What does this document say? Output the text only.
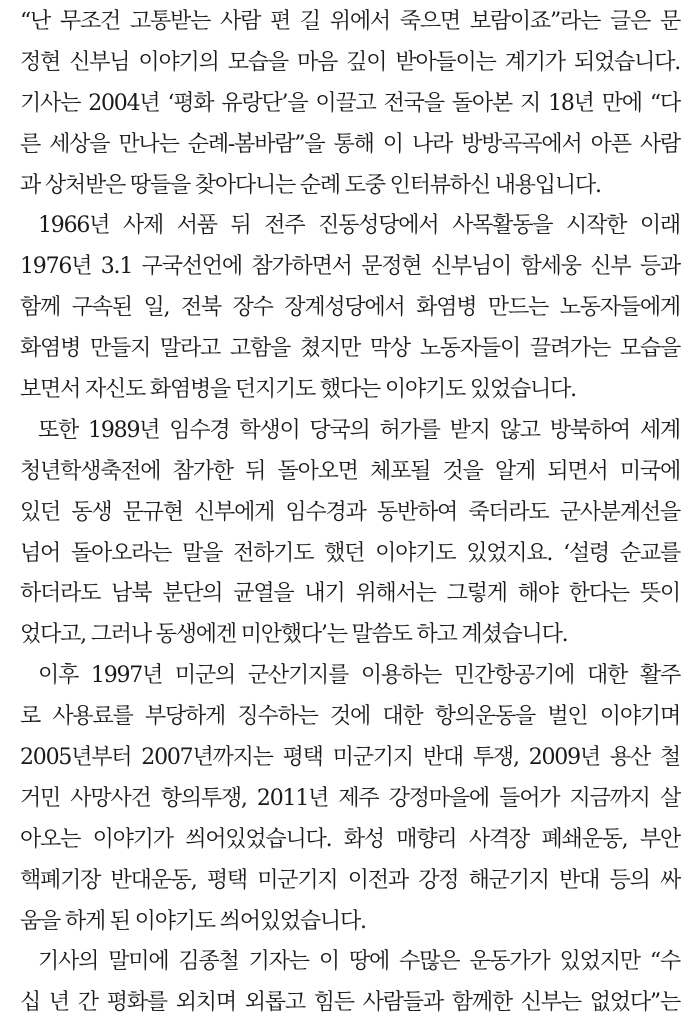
“난 무조건 고통받는 사람 편 길 위에서 죽으면 보람이죠”라는 글은 문
정현 신부님 이야기의 모습을 마음 깊이 받아들이는 계기가 되었습니다.
기사는 2004년 ‘평화 유랑단’을 이끌고 전국을 돌아본 지 18년 만에 “다
른 세상을 만나는 순례-봄바람”을 통해 이 나라 방방곡곡에서 아픈 사람
과 상처받은 땅들을 찾아다니는 순례 도중 인터뷰하신 내용입니다.
1966년 사제 서품 뒤 전주 진동성당에서 사목활동을 시작한 이래
1976년 3.1 구국선언에 참가하면서 문정현 신부님이 함세웅 신부 등과
함께 구속된 일, 전북 장수 장계성당에서 화염병 만드는 노동자들에게
화염병 만들지 말라고 고함을 쳤지만 막상 노동자들이 끌려가는 모습을
보면서 자신도 화염병을 던지기도 했다는 이야기도 있었습니다.
또한 1989년 임수경 학생이 당국의 허가를 받지 않고 방북하여 세계
청년학생축전에 참가한 뒤 돌아오면 체포될 것을 알게 되면서 미국에
있던 동생 문규현 신부에게 임수경과 동반하여 죽더라도 군사분계선을
넘어 돌아오라는 말을 전하기도 했던 이야기도 있었지요. ‘설령 순교를
하더라도 남북 분단의 균열을 내기 위해서는 그렇게 해야 한다는 뜻이
었다고, 그러나 동생에겐 미안했다’는 말씀도 하고 계셨습니다.
이후 1997년 미군의 군산기지를 이용하는 민간항공기에 대한 활주
로 사용료를 부당하게 징수하는 것에 대한 항의운동을 벌인 이야기며
2005년부터 2007년까지는 평택 미군기지 반대 투쟁, 2009년 용산 철
거민 사망사건 항의투쟁, 2011년 제주 강정마을에 들어가 지금까지 살
아오는 이야기가 씌어있었습니다. 화성 매향리 사격장 폐쇄운동, 부안
핵폐기장 반대운동, 평택 미군기지 이전과 강정 해군기지 반대 등의 싸
움을 하게 된 이야기도 씌어있었습니다.
기사의 말미에 김종철 기자는 이 땅에 수많은 운동가가 있었지만 “수
십 년 간 평화를 외치며 외롭고 힘든 사람들과 함께한 신부는 없었다”는
